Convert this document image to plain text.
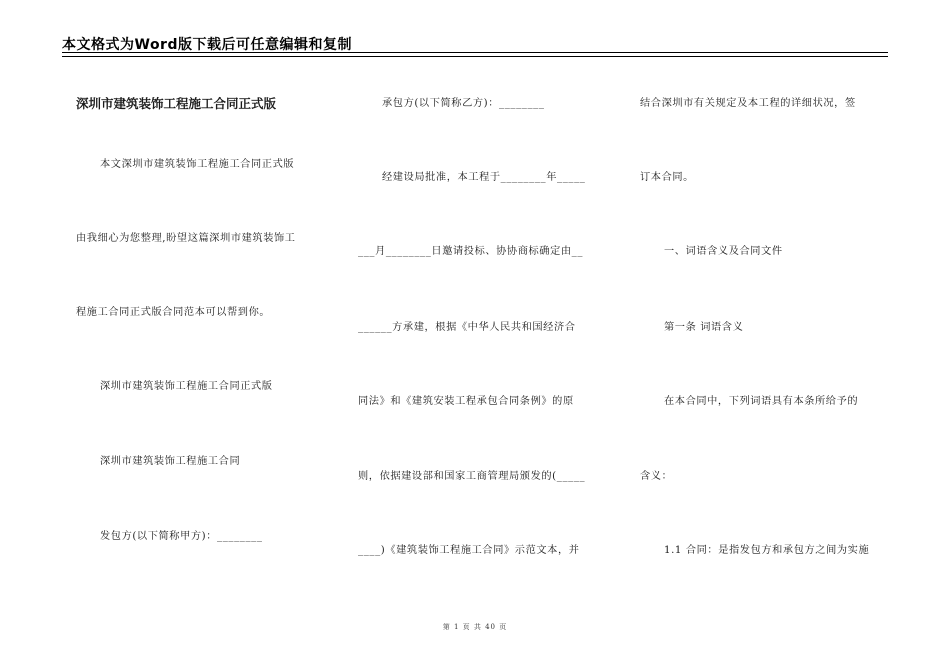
本文格式为Word版下载后可任意编辑和复制
深圳市建筑装饰工程施工合同正式版
本文深圳市建筑装饰工程施工合同正式版
由我细心为您整理,盼望这篇深圳市建筑装饰工
程施工合同正式版合同范本可以帮到你。
深圳市建筑装饰工程施工合同正式版
深圳市建筑装饰工程施工合同
发包方(以下简称甲方)：________
承包方(以下简称乙方)：________
经建设局批准，本工程于________年_____
___月________日邀请投标、协协商标确定由__
______方承建，根据《中华人民共和国经济合
同法》和《建筑安装工程承包合同条例》的原
则，依据建设部和国家工商管理局颁发的(_____
____)《建筑装饰工程施工合同》示范文本，并
结合深圳市有关规定及本工程的详细状况，签
订本合同。
一、词语含义及合同文件
第一条 词语含义
在本合同中，下列词语具有本条所给予的
含义：
1.1 合同：是指发包方和承包方之间为实施
第 1 页 共 40 页
